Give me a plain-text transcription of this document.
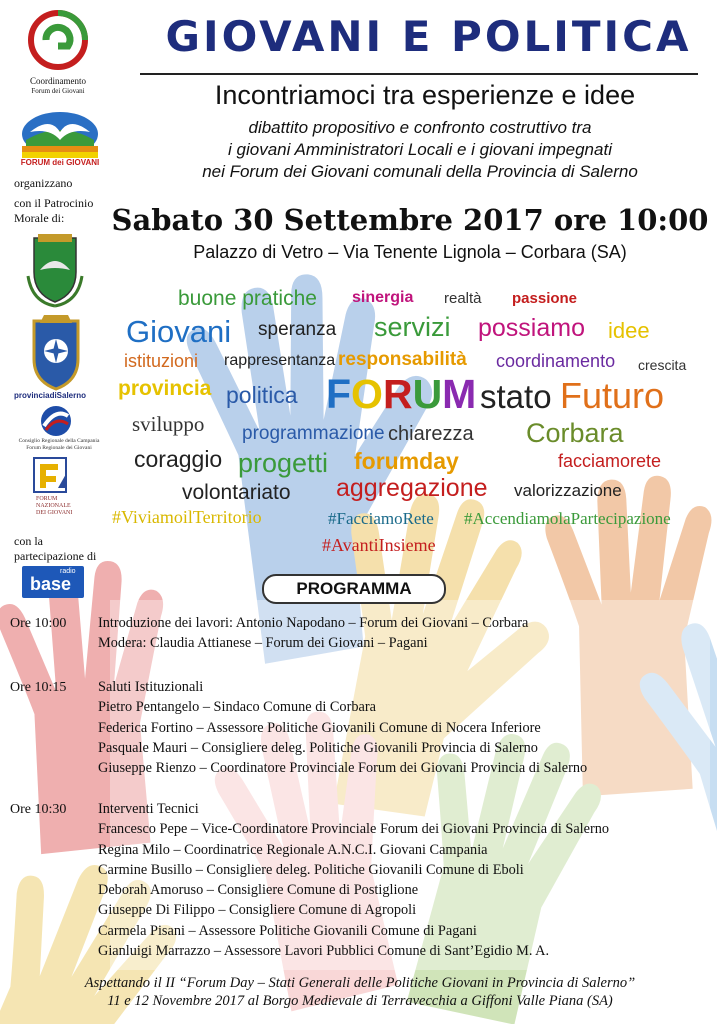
Coordinamento
Forum dei Giovani
FORUM dei GIOVANI
organizzano
con il Patrocinio
Morale di:
provinciadiSalerno
Consiglio Regionale della Campania
Forum Regionale dei Giovani
FORUM
NAZIONALE
DEI GIOVANI
con la
partecipazione di
radio
base
GIOVANI E POLITICA
Incontriamoci tra esperienze e idee
dibattito propositivo e confronto costruttivo tra
i giovani Amministratori Locali e i giovani impegnati
nei Forum dei Giovani comunali della Provincia di Salerno
Sabato 30 Settembre 2017 ore 10:00
Palazzo di Vetro – Via Tenente Lignola – Corbara (SA)
buone pratiche sinergia realtà passione
Giovani speranza servizi possiamo idee
istituzioni rappresentanza responsabilità coordinamento crescita
provincia politica FORUM stato Futuro
sviluppo programmazione chiarezza Corbara
coraggio progetti forumday	facciamorete
volontariato aggregazione valorizzazione
#ViviamoilTerritorio	#FacciamoRete #AccendiamolaPartecipazione
#AvantiInsieme
PROGRAMMA
Ore 10:00 Introduzione dei lavori: Antonio Napodano – Forum dei Giovani – Corbara
Modera: Claudia Attianese – Forum dei Giovani – Pagani
Ore 10:15 Saluti Istituzionali
Pietro Pentangelo – Sindaco Comune di Corbara
Federica Fortino – Assessore Politiche Giovanili Comune di Nocera Inferiore
Pasquale Mauri – Consigliere deleg. Politiche Giovanili Provincia di Salerno
Giuseppe Rienzo – Coordinatore Provinciale Forum dei Giovani Provincia di Salerno
Ore 10:30 Interventi Tecnici
Francesco Pepe – Vice-Coordinatore Provinciale Forum dei Giovani Provincia di Salerno
Regina Milo – Coordinatrice Regionale A.N.C.I. Giovani Campania
Carmine Busillo – Consigliere deleg. Politiche Giovanili Comune di Eboli
Deborah Amoruso – Consigliere Comune di Postiglione
Giuseppe Di Filippo – Consigliere Comune di Agropoli
Carmela Pisani – Assessore Politiche Giovanili Comune di Pagani
Gianluigi Marrazzo – Assessore Lavori Pubblici Comune di Sant’Egidio M. A.
Aspettando il II “Forum Day – Stati Generali delle Politiche Giovani in Provincia di Salerno”
11 e 12 Novembre 2017 al Borgo Medievale di Terravecchia a Giffoni Valle Piana (SA)
